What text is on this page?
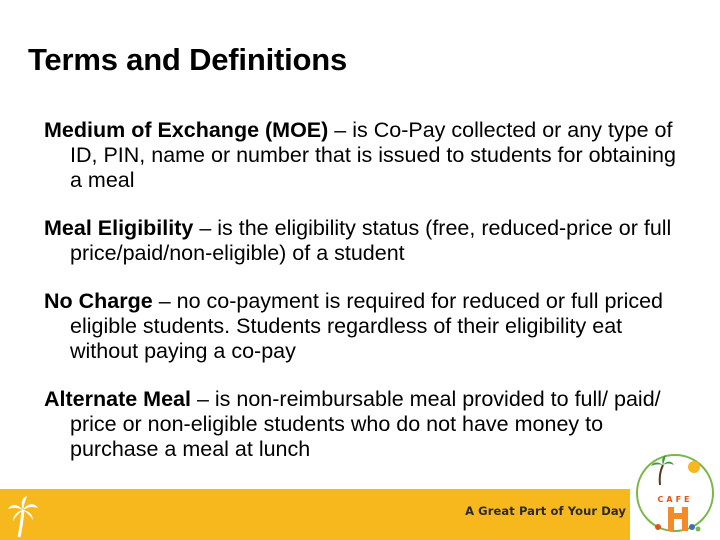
Terms and Definitions
Medium of Exchange (MOE) – is Co-Pay collected or any type of ID, PIN, name or number that is issued to students for obtaining a meal
Meal Eligibility – is the eligibility status (free, reduced-price or full price/paid/non-eligible) of a student
No Charge – no co-payment is required for reduced or full priced eligible students. Students regardless of their eligibility eat without paying a co-pay
Alternate Meal – is non-reimbursable meal provided to full/ paid/ price or non-eligible students who do not have money to purchase a meal at lunch
A Great Part of Your Day
CAFE
